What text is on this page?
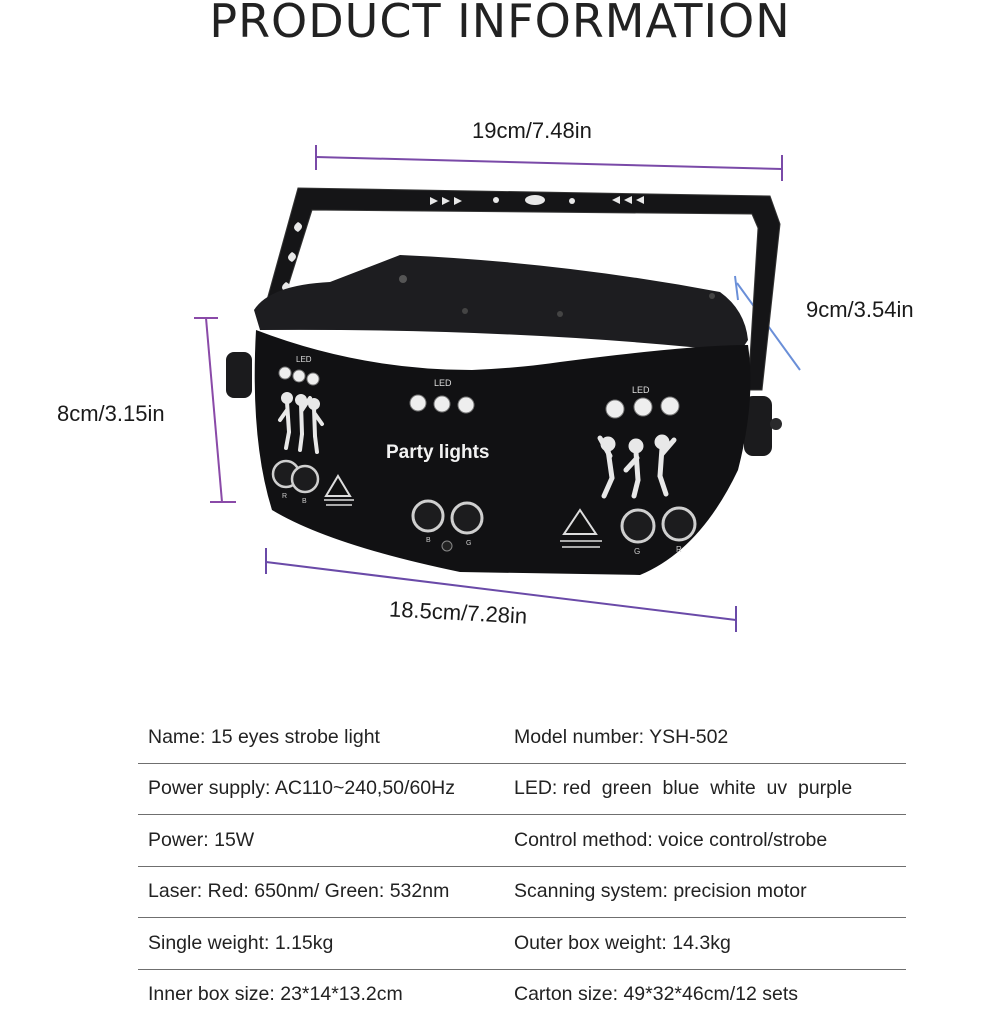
PRODUCT INFORMATION
LED
R
B
LED
Party lights
B	G
LED
G	R
19cm/7.48in
9cm/3.54in
8cm/3.15in
18.5cm/7.28in
Name: 15 eyes strobe light	Model number: YSH-502
Power supply: AC110~240,50/60Hz	LED: red  green  blue  white  uv  purple
Power: 15W	Control method: voice control/strobe
Laser: Red: 650nm/ Green: 532nm	Scanning system: precision motor
Single weight: 1.15kg	Outer box weight: 14.3kg
Inner box size: 23*14*13.2cm	Carton size: 49*32*46cm/12 sets
